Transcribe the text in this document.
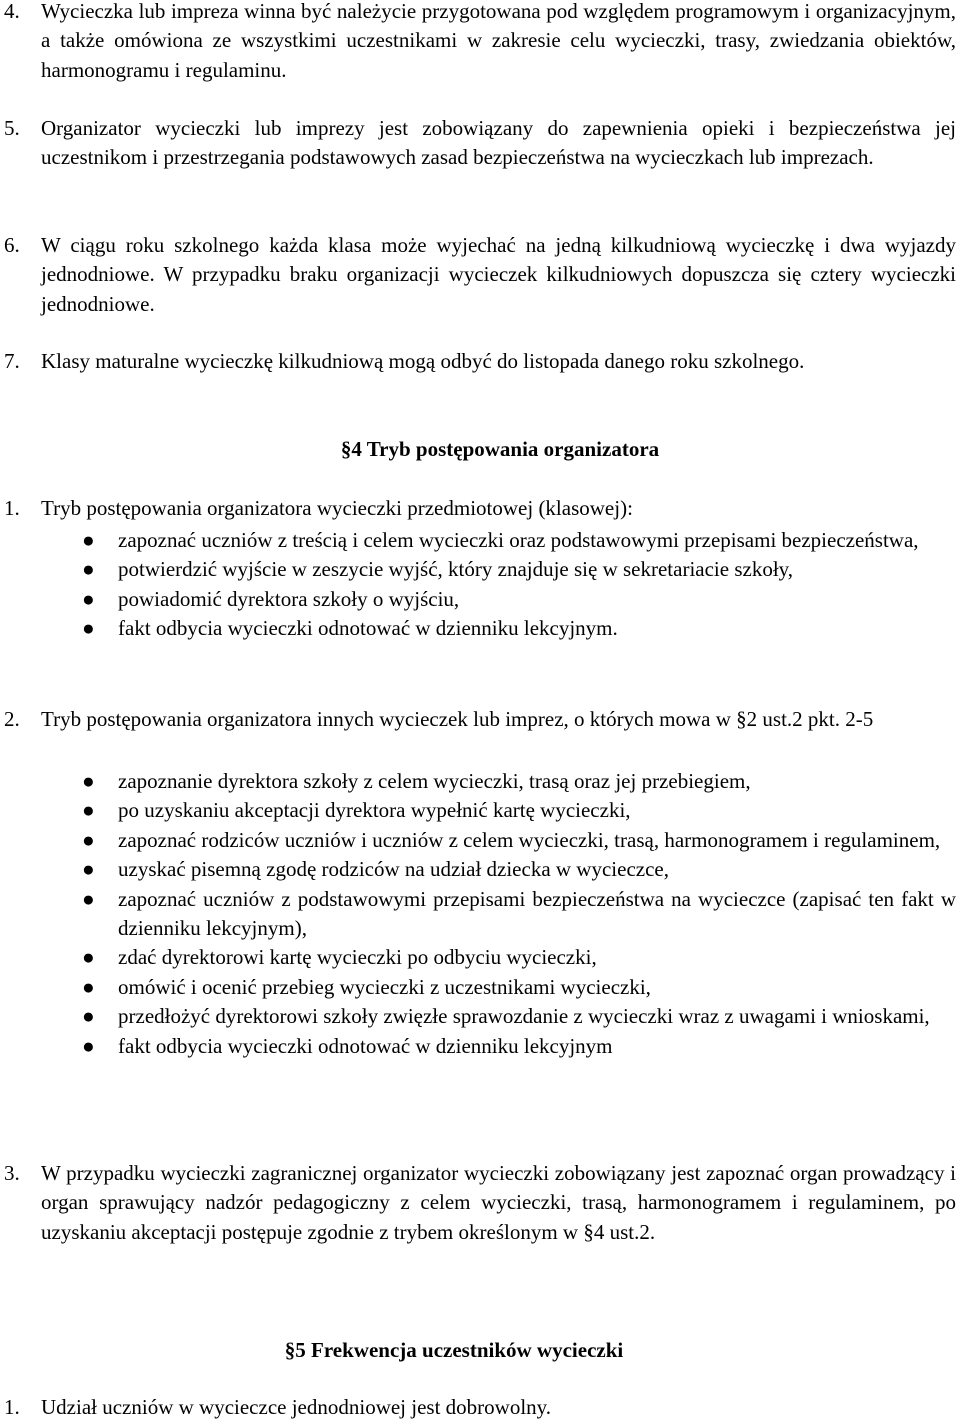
4. Wycieczka lub impreza winna być należycie przygotowana pod względem programowym i organizacyjnym, a także omówiona ze wszystkimi uczestnikami w zakresie celu wycieczki, trasy, zwiedzania obiektów, harmonogramu i regulaminu.
5. Organizator wycieczki lub imprezy jest zobowiązany do zapewnienia opieki i bezpieczeństwa jej uczestnikom i przestrzegania podstawowych zasad bezpieczeństwa na wycieczkach lub imprezach.
6. W ciągu roku szkolnego każda klasa może wyjechać na jedną kilkudniową wycieczkę i dwa wyjazdy jednodniowe. W przypadku braku organizacji wycieczek kilkudniowych dopuszcza się cztery wycieczki jednodniowe.
7. Klasy maturalne wycieczkę kilkudniową mogą odbyć do listopada danego roku szkolnego.
§4 Tryb postępowania organizatora
1. Tryb postępowania organizatora wycieczki przedmiotowej (klasowej):
● zapoznać uczniów z treścią i celem wycieczki oraz podstawowymi przepisami bezpieczeństwa,
● potwierdzić wyjście w zeszycie wyjść, który znajduje się w sekretariacie szkoły,
● powiadomić dyrektora szkoły o wyjściu,
● fakt odbycia wycieczki odnotować w dzienniku lekcyjnym.
2. Tryb postępowania organizatora innych wycieczek lub imprez, o których mowa w §2 ust.2 pkt. 2-5
● zapoznanie dyrektora szkoły z celem wycieczki, trasą oraz jej przebiegiem,
● po uzyskaniu akceptacji dyrektora wypełnić kartę wycieczki,
● zapoznać rodziców uczniów i uczniów z celem wycieczki, trasą, harmonogramem i regulaminem,
● uzyskać pisemną zgodę rodziców na udział dziecka w wycieczce,
● zapoznać uczniów z podstawowymi przepisami bezpieczeństwa na wycieczce (zapisać ten fakt w dzienniku lekcyjnym),
● zdać dyrektorowi kartę wycieczki po odbyciu wycieczki,
● omówić i ocenić przebieg wycieczki z uczestnikami wycieczki,
● przedłożyć dyrektorowi szkoły zwięzłe sprawozdanie z wycieczki wraz z uwagami i wnioskami,
● fakt odbycia wycieczki odnotować w dzienniku lekcyjnym
3. W przypadku wycieczki zagranicznej organizator wycieczki zobowiązany jest zapoznać organ prowadzący i organ sprawujący nadzór pedagogiczny z celem wycieczki, trasą, harmonogramem i regulaminem, po uzyskaniu akceptacji postępuje zgodnie z trybem określonym w §4 ust.2.
§5 Frekwencja uczestników wycieczki
1. Udział uczniów w wycieczce jednodniowej jest dobrowolny.
